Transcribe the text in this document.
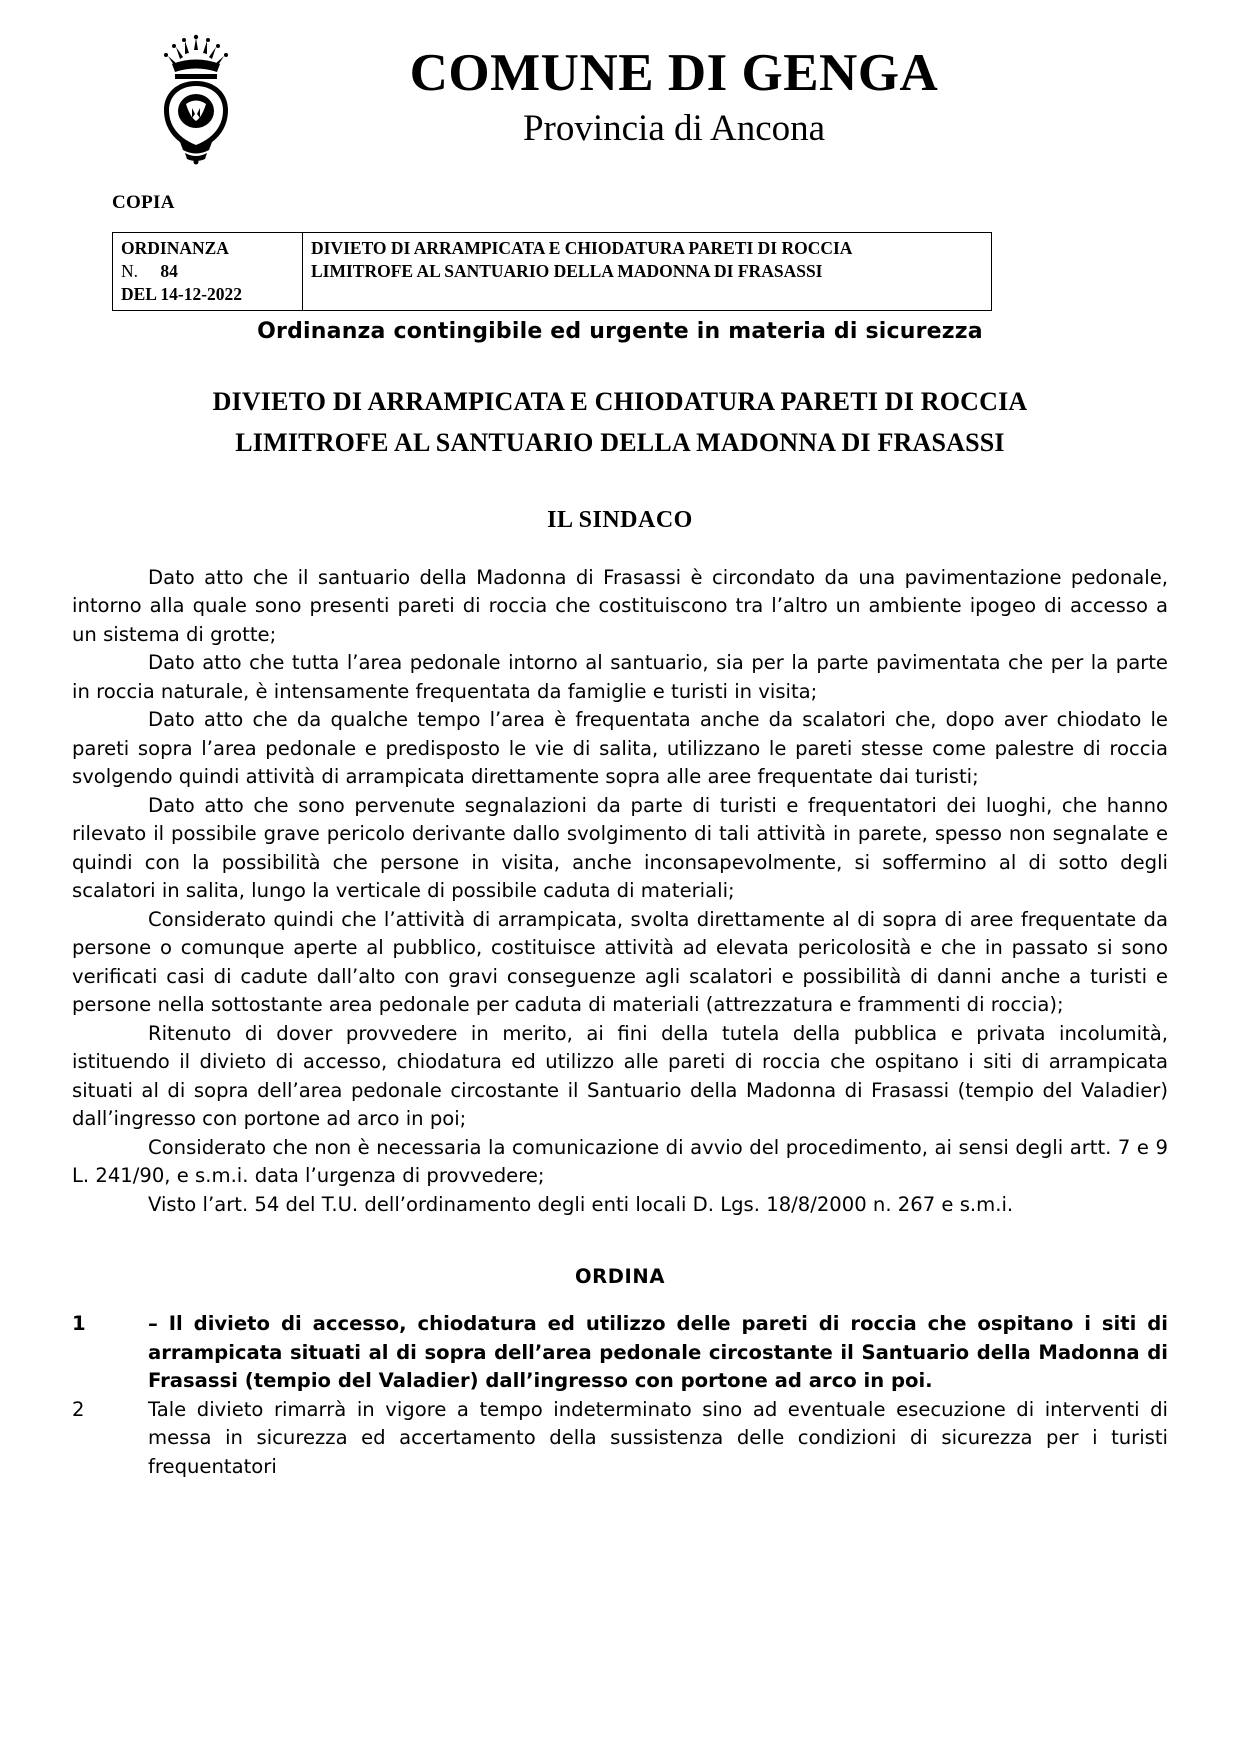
COMUNE DI GENGA
Provincia di Ancona
COPIA
ORDINANZA
N. 84
DEL 14-12-2022

DIVIETO DI ARRAMPICATA E CHIODATURA PARETI DI ROCCIA
LIMITROFE AL SANTUARIO DELLA MADONNA DI FRASASSI
Ordinanza contingibile ed urgente in materia di sicurezza
DIVIETO DI ARRAMPICATA E CHIODATURA PARETI DI ROCCIA
LIMITROFE AL SANTUARIO DELLA MADONNA DI FRASASSI
IL SINDACO

Dato atto che il santuario della Madonna di Frasassi è circondato da una pavimentazione pedonale, intorno alla quale sono presenti pareti di roccia che costituiscono tra l’altro un ambiente ipogeo di accesso a un sistema di grotte;

Dato atto che tutta l’area pedonale intorno al santuario, sia per la parte pavimentata che per la parte in roccia naturale, è intensamente frequentata da famiglie e turisti in visita;

Dato atto che da qualche tempo l’area è frequentata anche da scalatori che, dopo aver chiodato le pareti sopra l’area pedonale e predisposto le vie di salita, utilizzano le pareti stesse come palestre di roccia svolgendo quindi attività di arrampicata direttamente sopra alle aree frequentate dai turisti;

Dato atto che sono pervenute segnalazioni da parte di turisti e frequentatori dei luoghi, che hanno rilevato il possibile grave pericolo derivante dallo svolgimento di tali attività in parete, spesso non segnalate e quindi con la possibilità che persone in visita, anche inconsapevolmente, si soffermino al di sotto degli scalatori in salita, lungo la verticale di possibile caduta di materiali;

Considerato quindi che l’attività di arrampicata, svolta direttamente al di sopra di aree frequentate da persone o comunque aperte al pubblico, costituisce attività ad elevata pericolosità e che in passato si sono verificati casi di cadute dall’alto con gravi conseguenze agli scalatori e possibilità di danni anche a turisti e persone nella sottostante area pedonale per caduta di materiali (attrezzatura e frammenti di roccia);

Ritenuto di dover provvedere in merito, ai fini della tutela della pubblica e privata incolumità, istituendo il divieto di accesso, chiodatura ed utilizzo alle pareti di roccia che ospitano i siti di arrampicata situati al di sopra dell’area pedonale circostante il Santuario della Madonna di Frasassi (tempio del Valadier) dall’ingresso con portone ad arco in poi;

Considerato che non è necessaria la comunicazione di avvio del procedimento, ai sensi degli artt. 7 e 9 L. 241/90, e s.m.i. data l’urgenza di provvedere;

Visto l’art. 54 del T.U. dell’ordinamento degli enti locali D. Lgs. 18/8/2000 n. 267 e s.m.i.

ORDINA
1	– Il divieto di accesso, chiodatura ed utilizzo delle pareti di roccia che ospitano i siti di arrampicata situati al di sopra dell’area pedonale circostante il Santuario della Madonna di Frasassi (tempio del Valadier) dall’ingresso con portone ad arco in poi.
2	Tale divieto rimarrà in vigore a tempo indeterminato sino ad eventuale esecuzione di interventi di messa in sicurezza ed accertamento della sussistenza delle condizioni di sicurezza per i turisti frequentatori
